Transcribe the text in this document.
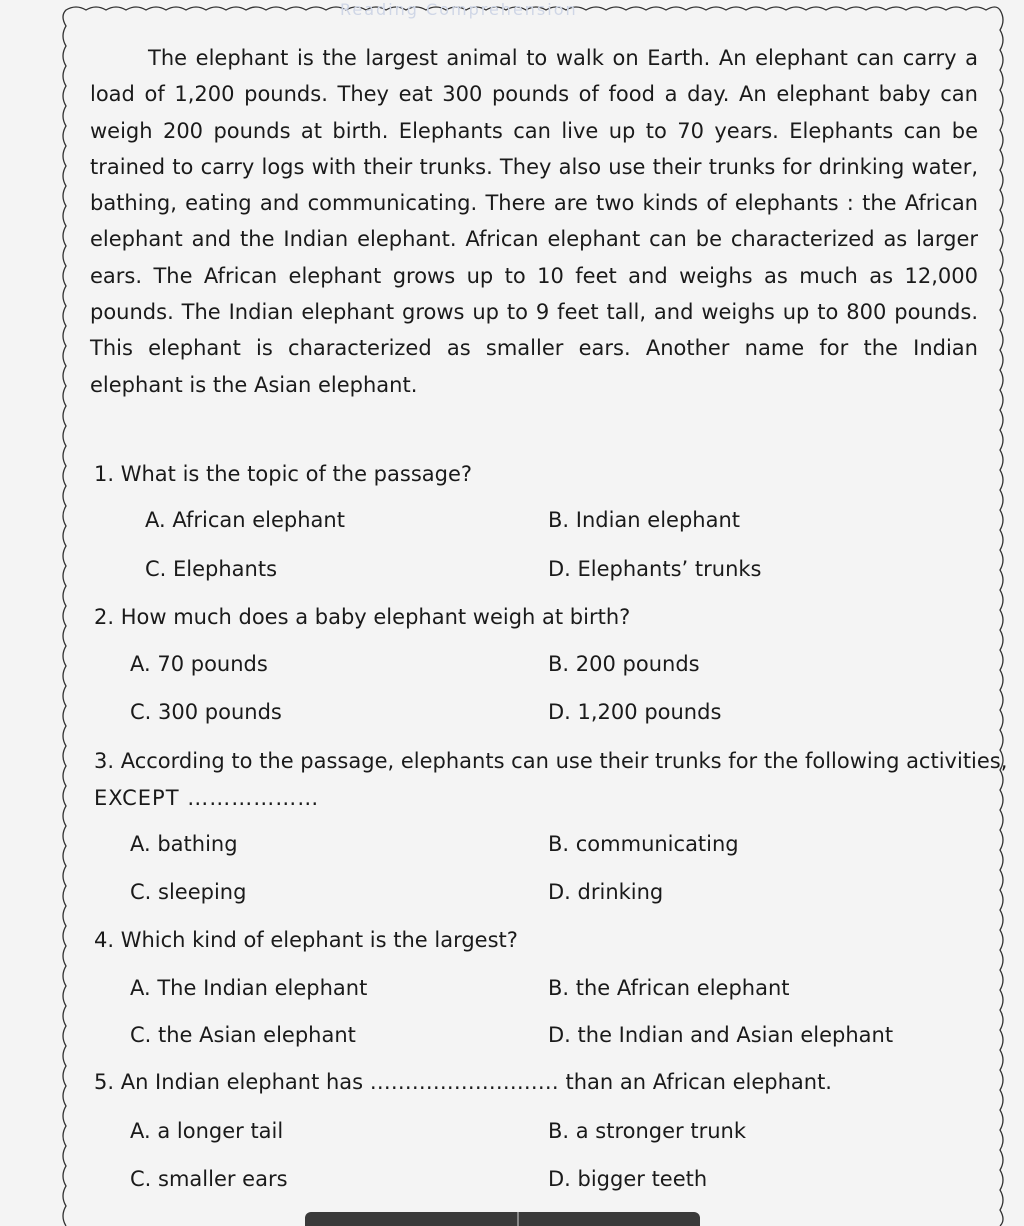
Reading Comprehension
The elephant is the largest animal to walk on Earth. An elephant can carry a load of 1,200 pounds. They eat 300 pounds of food a day. An elephant baby can weigh 200 pounds at birth. Elephants can live up to 70 years. Elephants can be trained to carry logs with their trunks. They also use their trunks for drinking water, bathing, eating and communicating. There are two kinds of elephants : the African elephant and the Indian elephant. African elephant can be characterized as larger ears. The African elephant grows up to 10 feet and weighs as much as 12,000 pounds. The Indian elephant grows up to 9 feet tall, and weighs up to 800 pounds. This elephant is characterized as smaller ears. Another name for the Indian elephant is the Asian elephant.
1. What is the topic of the passage?
A. African elephant	B. Indian elephant
C. Elephants	D. Elephants’ trunks
2. How much does a baby elephant weigh at birth?
A. 70 pounds	B. 200 pounds
C. 300 pounds	D. 1,200 pounds
3. According to the passage, elephants can use their trunks for the following activities,
EXCEPT ………………
A. bathing	B. communicating
C. sleeping	D. drinking
4. Which kind of elephant is the largest?
A. The Indian elephant	B. the African elephant
C. the Asian elephant	D. the Indian and Asian elephant
5. An Indian elephant has ……………………… than an African elephant.
A. a longer tail	B. a stronger trunk
C. smaller ears	D. bigger teeth
